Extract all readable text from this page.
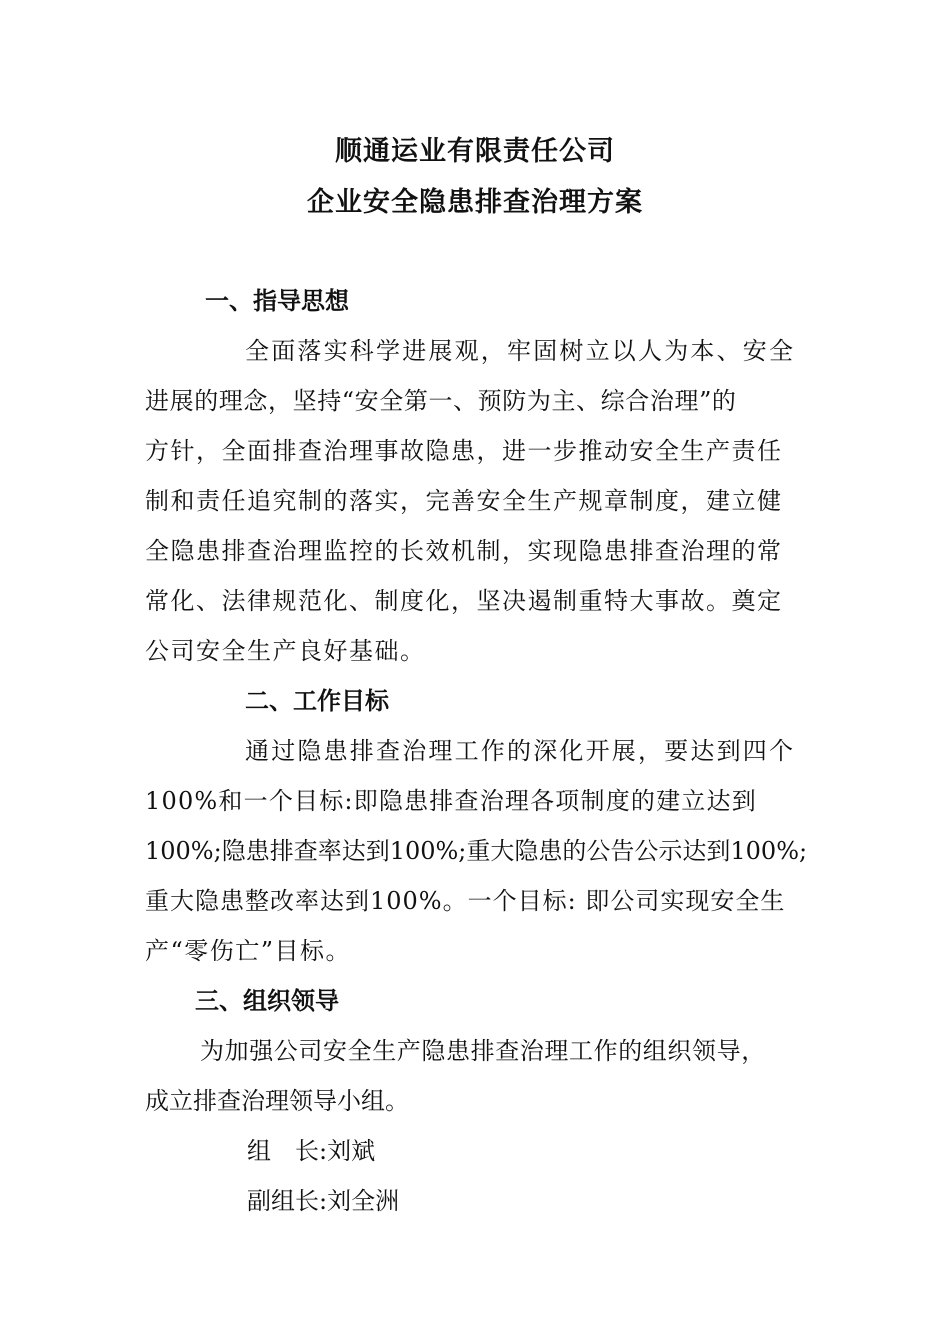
顺通运业有限责任公司
企业安全隐患排查治理方案
一、指导思想
全面落实科学进展观，牢固树立以人为本、安全
进展的理念，坚持“安全第一、预防为主、综合治理”的
方针，全面排查治理事故隐患，进一步推动安全生产责任
制和责任追究制的落实，完善安全生产规章制度，建立健
全隐患排查治理监控的长效机制，实现隐患排查治理的常
常化、法律规范化、制度化，坚决遏制重特大事故。奠定
公司安全生产良好基础。
二、工作目标
通过隐患排查治理工作的深化开展，要达到四个
100%和一个目标:即隐患排查治理各项制度的建立达到
100%;隐患排查率达到100%;重大隐患的公告公示达到100%;
重大隐患整改率达到100%。一个目标: 即公司实现安全生
产“零伤亡”目标。
三、组织领导
为加强公司安全生产隐患排查治理工作的组织领导，
成立排查治理领导小组。
组　长:刘斌
副组长:刘全洲
